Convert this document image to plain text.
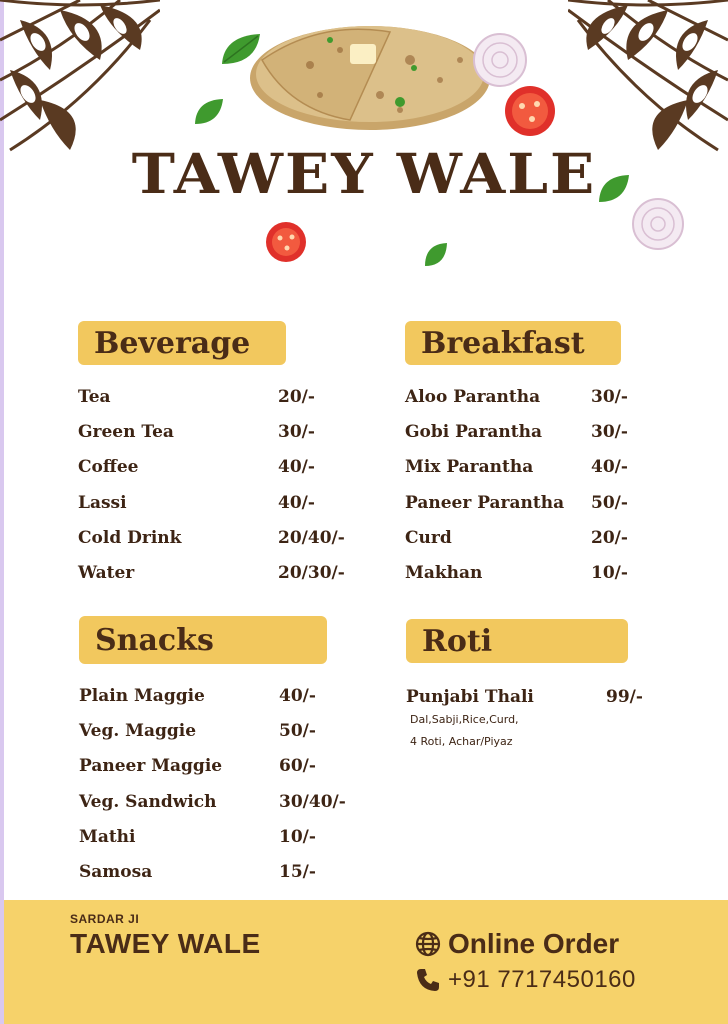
TAWEY WALE
Beverage
Tea	20/-
Green Tea	30/-
Coffee	40/-
Lassi	40/-
Cold Drink	20/40/-
Water	20/30/-
Breakfast
Aloo Parantha	30/-
Gobi Parantha	30/-
Mix Parantha	40/-
Paneer Parantha 50/-
Curd	20/-
Makhan	10/-
Snacks
Plain Maggie	40/-
Veg. Maggie	50/-
Paneer Maggie	60/-
Veg. Sandwich	30/40/-
Mathi	10/-
Samosa	15/-
Roti
Punjabi Thali	99/-
Dal,Sabji,Rice,Curd,
4 Roti, Achar/Piyaz
SARDAR JI
TAWEY WALE	Online Order
+91 7717450160
